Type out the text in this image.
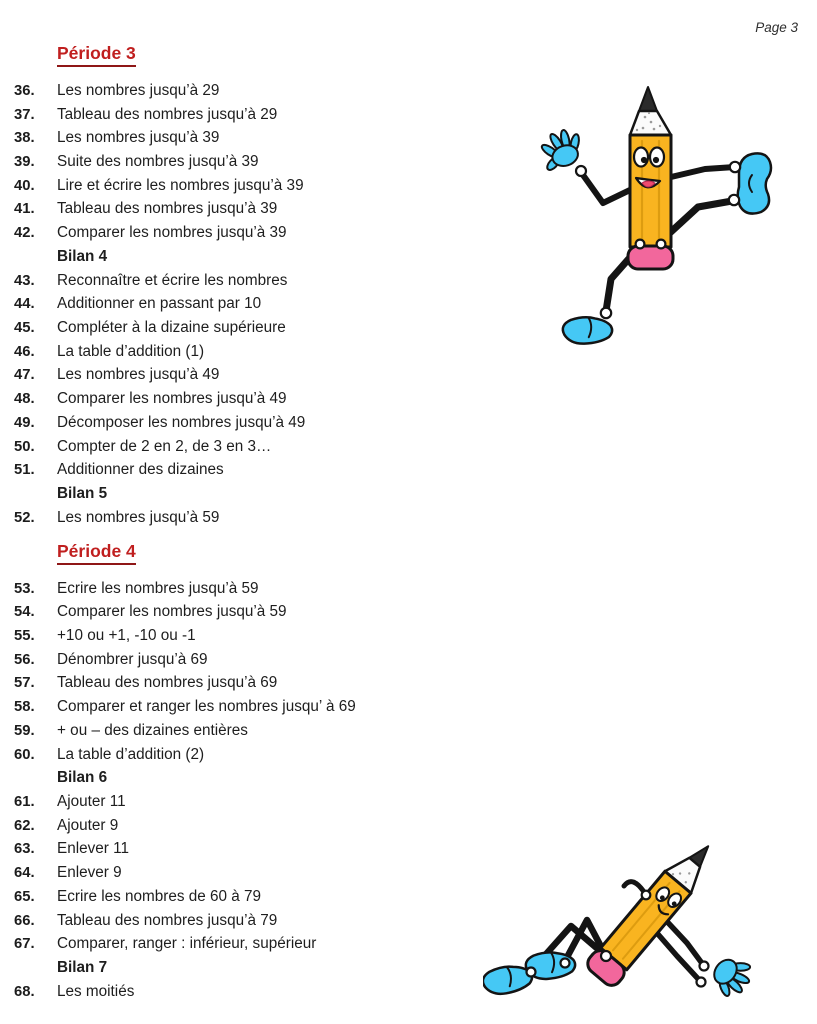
Page 3
Période 3
36.	Les nombres jusqu’à 29
37.	Tableau des nombres jusqu’à 29
38.	Les nombres jusqu’à 39
39.	Suite des nombres jusqu’à 39
40.	Lire et écrire les nombres jusqu’à 39
41.	Tableau des nombres jusqu’à 39
42.	Comparer les nombres jusqu’à 39
Bilan 4
43.	Reconnaître et écrire les nombres
44.	Additionner en passant par 10
45.	Compléter à la dizaine supérieure
46.	La table d’addition (1)
47.	Les nombres jusqu’à 49
48.	Comparer les nombres jusqu’à 49
49.	Décomposer les nombres jusqu’à 49
50.	Compter de 2 en 2, de 3 en 3…
51.	Additionner des dizaines
Bilan 5
52.	Les nombres jusqu’à 59
Période 4
53.	Ecrire les nombres jusqu’à 59
54.	Comparer les nombres jusqu’à 59
55.	+10 ou +1, -10 ou -1
56.	Dénombrer jusqu’à 69
57.	Tableau des nombres jusqu’à 69
58.	Comparer et ranger les nombres jusqu’ à 69
59.	+ ou – des dizaines entières
60.	La table d’addition (2)
Bilan 6
61.	Ajouter 11
62.	Ajouter 9
63.	Enlever 11
64.	Enlever 9
65.	Ecrire les nombres de 60 à 79
66.	Tableau des nombres jusqu’à 79
67.	Comparer, ranger : inférieur, supérieur
Bilan 7
68.	Les moitiés
